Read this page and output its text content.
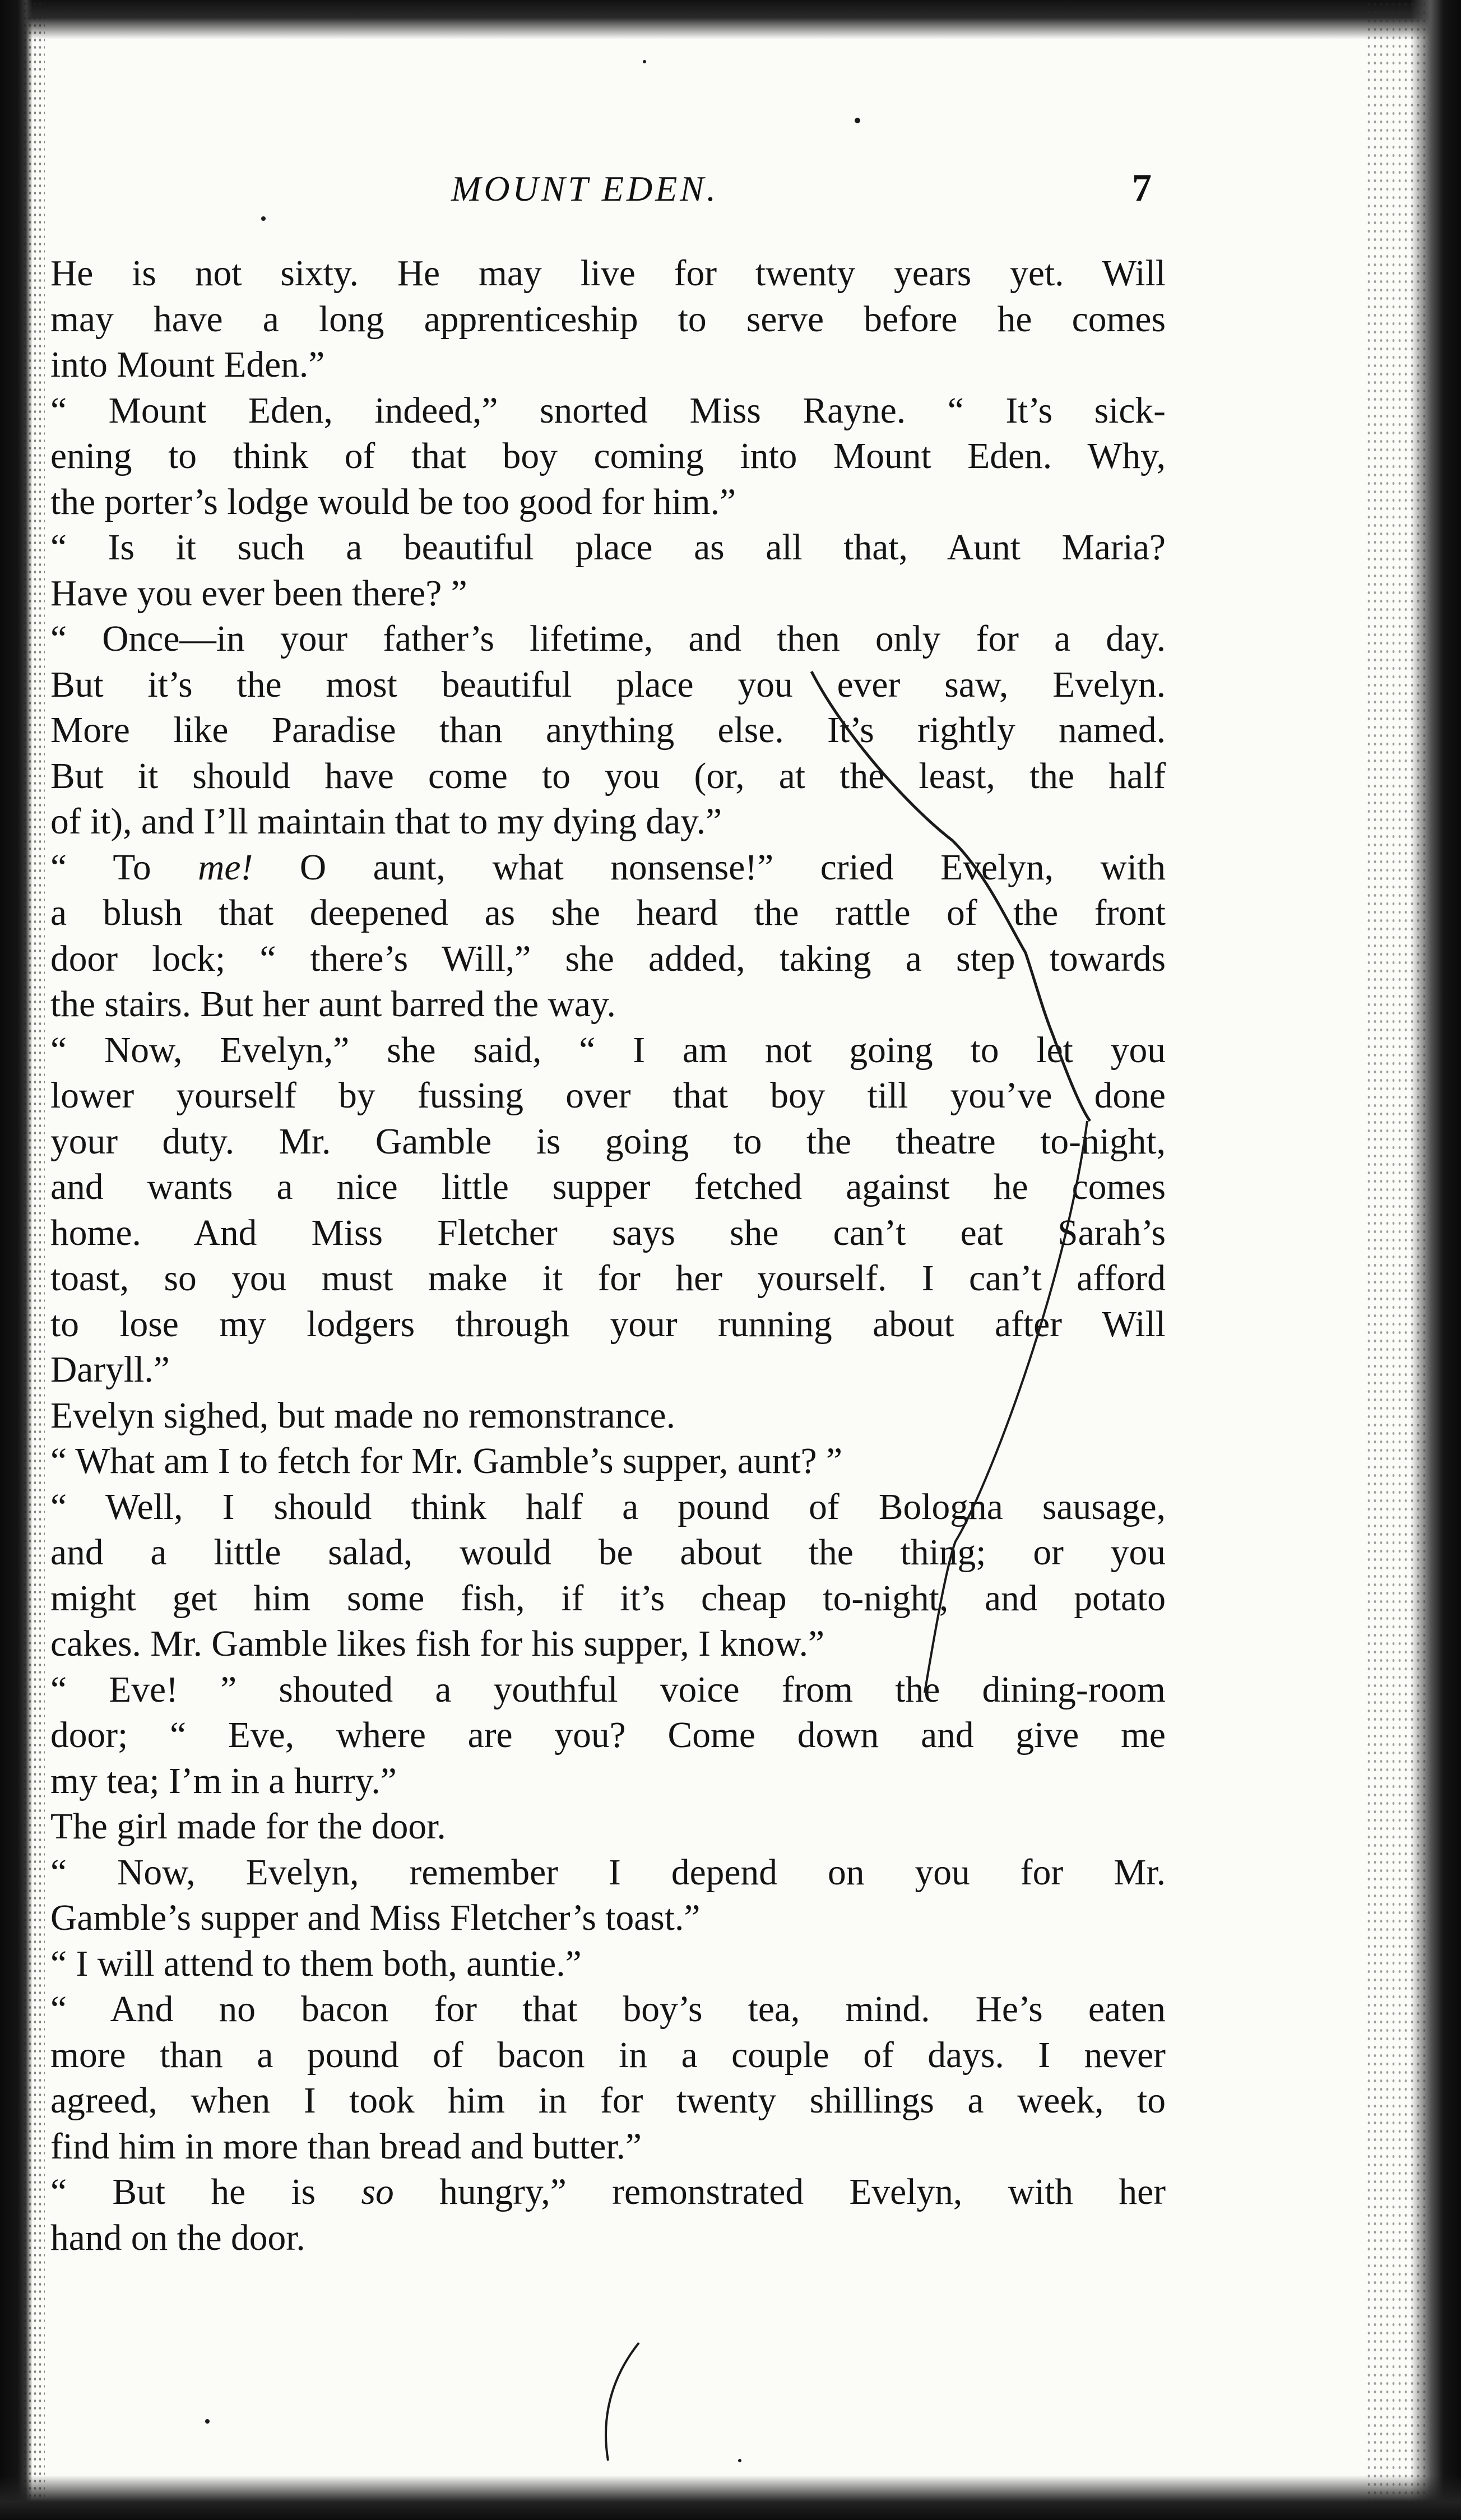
MOUNT EDEN.	7
He is not sixty. He may live for twenty years yet. Will
may have a long apprenticeship to serve before he comes
into Mount Eden.”
“ Mount Eden, indeed,” snorted Miss Rayne. “ It’s sick-
ening to think of that boy coming into Mount Eden. Why,
the porter’s lodge would be too good for him.”
“ Is it such a beautiful place as all that, Aunt Maria?
Have you ever been there? ”
“ Once—in your father’s lifetime, and then only for a day.
But it’s the most beautiful place you ever saw, Evelyn.
More like Paradise than anything else. It’s rightly named.
But it should have come to you (or, at the least, the half
of it), and I’ll maintain that to my dying day.”
“ To me! O aunt, what nonsense!” cried Evelyn, with
a blush that deepened as she heard the rattle of the front
door lock; “ there’s Will,” she added, taking a step towards
the stairs. But her aunt barred the way.
“ Now, Evelyn,” she said, “ I am not going to let you
lower yourself by fussing over that boy till you’ve done
your duty. Mr. Gamble is going to the theatre to-night,
and wants a nice little supper fetched against he comes
home. And Miss Fletcher says she can’t eat Sarah’s
toast, so you must make it for her yourself. I can’t afford
to lose my lodgers through your running about after Will
Daryll.”
Evelyn sighed, but made no remonstrance.
“ What am I to fetch for Mr. Gamble’s supper, aunt? ”
“ Well, I should think half a pound of Bologna sausage,
and a little salad, would be about the thing; or you
might get him some fish, if it’s cheap to-night, and potato
cakes. Mr. Gamble likes fish for his supper, I know.”
“ Eve! ” shouted a youthful voice from the dining-room
door; “ Eve, where are you? Come down and give me
my tea; I’m in a hurry.”
The girl made for the door.
“ Now, Evelyn, remember I depend on you for Mr.
Gamble’s supper and Miss Fletcher’s toast.”
“ I will attend to them both, auntie.”
“ And no bacon for that boy’s tea, mind. He’s eaten
more than a pound of bacon in a couple of days. I never
agreed, when I took him in for twenty shillings a week, to
find him in more than bread and butter.”
“ But he is so hungry,” remonstrated Evelyn, with her
hand on the door.
